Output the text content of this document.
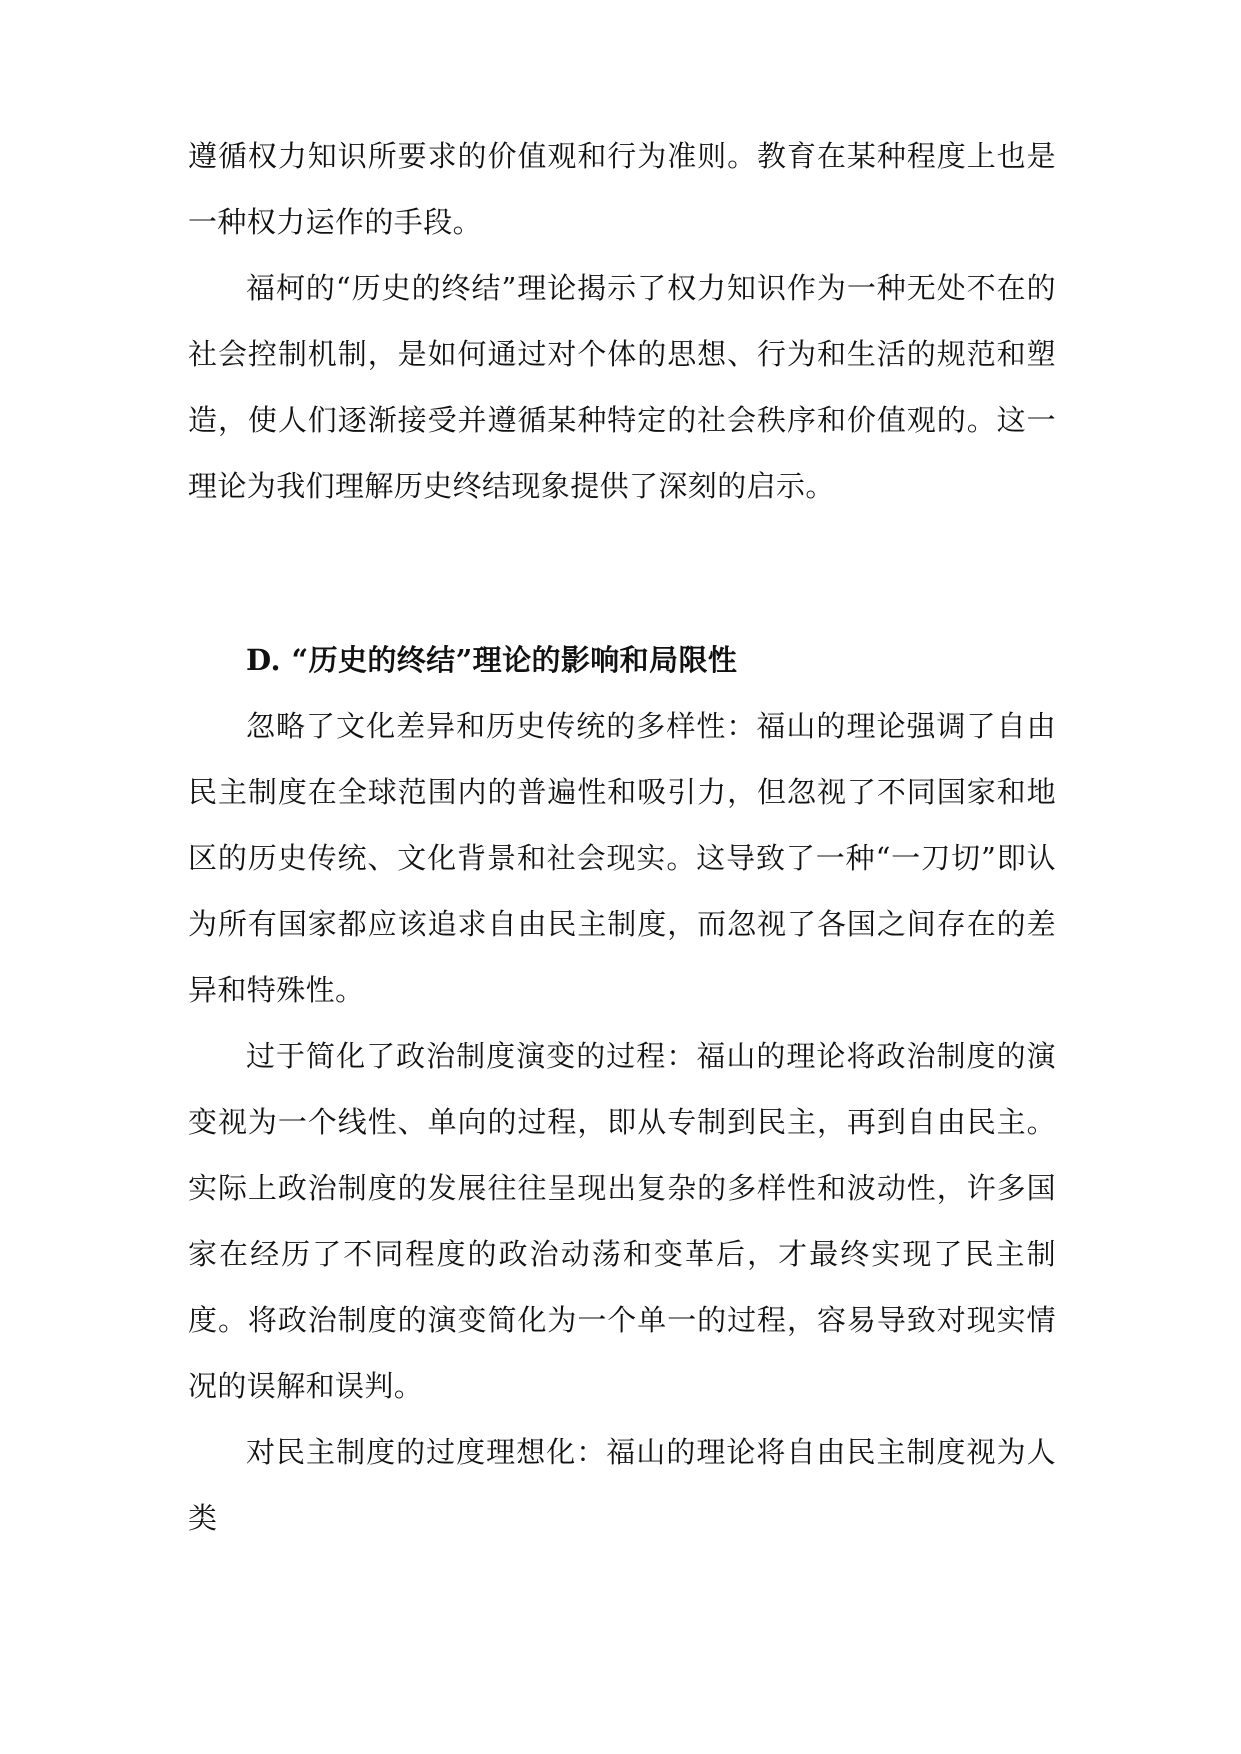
遵循权力知识所要求的价值观和行为准则。教育在某种程度上也是一种权力运作的手段。

福柯的“历史的终结”理论揭示了权力知识作为一种无处不在的社会控制机制，是如何通过对个体的思想、行为和生活的规范和塑造，使人们逐渐接受并遵循某种特定的社会秩序和价值观的。这一理论为我们理解历史终结现象提供了深刻的启示。

D. “历史的终结”理论的影响和局限性

忽略了文化差异和历史传统的多样性：福山的理论强调了自由民主制度在全球范围内的普遍性和吸引力，但忽视了不同国家和地区的历史传统、文化背景和社会现实。这导致了一种“一刀切”即认为所有国家都应该追求自由民主制度，而忽视了各国之间存在的差异和特殊性。

过于简化了政治制度演变的过程：福山的理论将政治制度的演变视为一个线性、单向的过程，即从专制到民主，再到自由民主。实际上政治制度的发展往往呈现出复杂的多样性和波动性，许多国家在经历了不同程度的政治动荡和变革后，才最终实现了民主制度。将政治制度的演变简化为一个单一的过程，容易导致对现实情况的误解和误判。

对民主制度的过度理想化：福山的理论将自由民主制度视为人类
